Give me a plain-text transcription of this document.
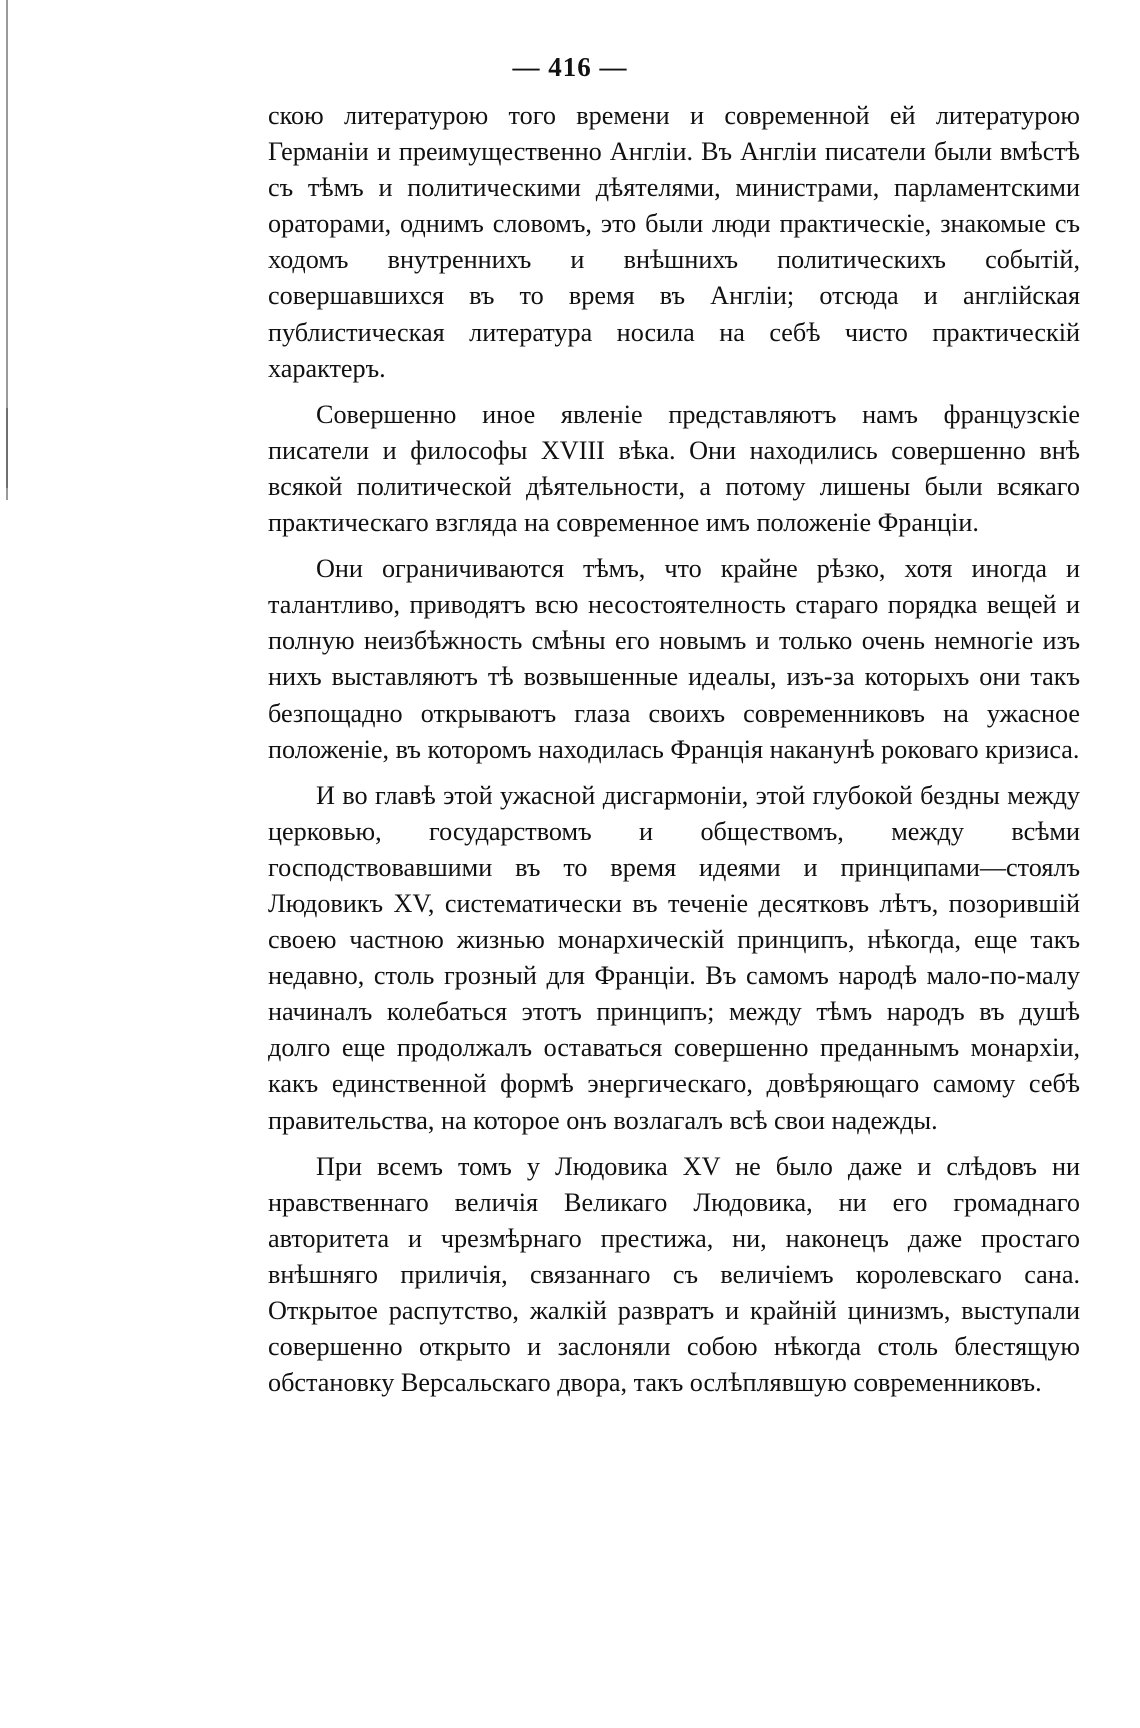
— 416 —

скою литературою того времени и современной ей литературою Германіи и преимущественно Англіи. Въ Англіи писатели были вмѣстѣ съ тѣмъ и политическими дѣятелями, министрами, парламентскими ораторами, однимъ словомъ, это были люди практическіе, знакомые съ ходомъ внутреннихъ и внѣшнихъ политическихъ событій, совершавшихся въ то время въ Англіи; отсюда и англійская публистическая литература носила на себѣ чисто практическій характеръ.

Совершенно иное явленіе представляютъ намъ французскіе писатели и философы XVIII вѣка. Они находились совершенно внѣ всякой политической дѣятельности, а потому лишены были всякаго практическаго взгляда на современное имъ положеніе Франціи.

Они ограничиваются тѣмъ, что крайне рѣзко, хотя иногда и талантливо, приводятъ всю несостоятелность стараго порядка вещей и полную неизбѣжность смѣны его новымъ и только очень немногіе изъ нихъ выставляютъ тѣ возвышенные идеалы, изъ-за которыхъ они такъ безпощадно открываютъ глаза своихъ современниковъ на ужасное положеніе, въ которомъ находилась Франція наканунѣ роковаго кризиса.

И во главѣ этой ужасной дисгармоніи, этой глубокой бездны между церковью, государствомъ и обществомъ, между всѣми господствовавшими въ то время идеями и принципами—стоялъ Людовикъ XV, систематически въ теченіе десятковъ лѣтъ, позорившій своею частною жизнью монархическій принципъ, нѣкогда, еще такъ недавно, столь грозный для Франціи. Въ самомъ народѣ мало-по-малу начиналъ колебаться этотъ принципъ; между тѣмъ народъ въ душѣ долго еще продолжалъ оставаться совершенно преданнымъ монархіи, какъ единственной формѣ энергическаго, довѣряющаго самому себѣ правительства, на которое онъ возлагалъ всѣ свои надежды.

При всемъ томъ у Людовика XV не было даже и слѣдовъ ни нравственнаго величія Великаго Людовика, ни его громаднаго авторитета и чрезмѣрнаго престижа, ни, наконецъ даже простаго внѣшняго приличія, связаннаго съ величіемъ королевскаго сана. Открытое распутство, жалкій развратъ и крайній цинизмъ, выступали совершенно открыто и заслоняли собою нѣкогда столь блестящую обстановку Версальскаго двора, такъ ослѣплявшую современниковъ.
